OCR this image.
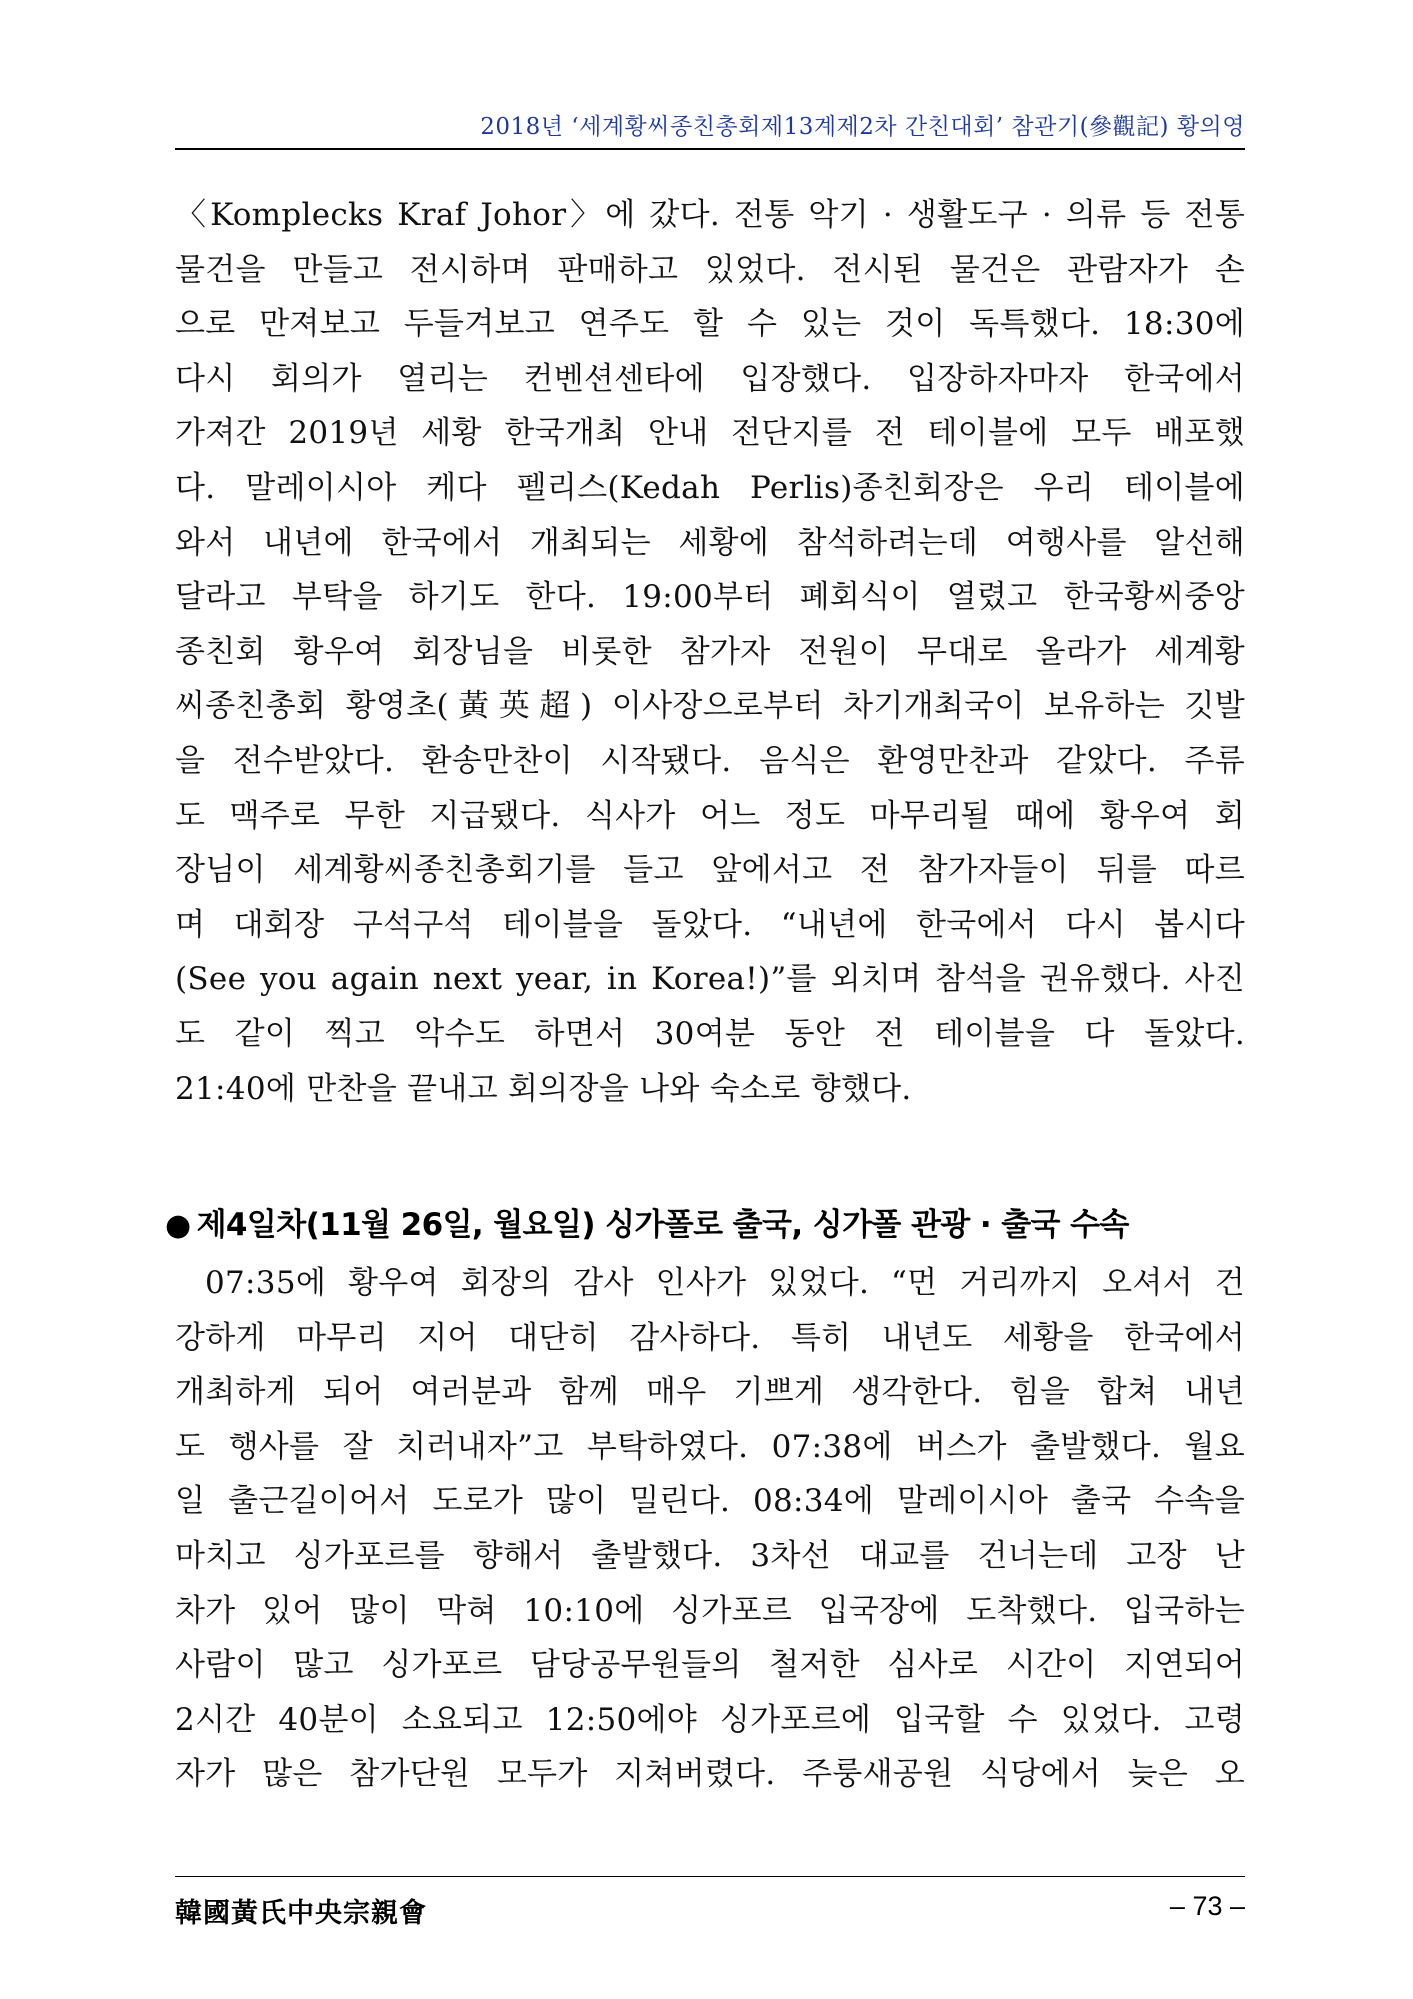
2018년 ‘세계황씨종친총회제13계제2차 간친대회’ 참관기(參觀記) 황의영
〈Komplecks Kraf Johor〉에 갔다. 전통 악기 · 생활도구 · 의류 등 전통
물건을 만들고 전시하며 판매하고 있었다. 전시된 물건은 관람자가 손
으로 만져보고 두들겨보고 연주도 할 수 있는 것이 독특했다. 18:30에
다시 회의가 열리는 컨벤션센타에 입장했다. 입장하자마자 한국에서
가져간 2019년 세황 한국개최 안내 전단지를 전 테이블에 모두 배포했
다. 말레이시아 케다 펠리스(Kedah Perlis)종친회장은 우리 테이블에
와서 내년에 한국에서 개최되는 세황에 참석하려는데 여행사를 알선해
달라고 부탁을 하기도 한다. 19:00부터 폐회식이 열렸고 한국황씨중앙
종친회 황우여 회장님을 비롯한 참가자 전원이 무대로 올라가 세계황
씨종친총회 황영초(黃英超) 이사장으로부터 차기개최국이 보유하는 깃발
을 전수받았다. 환송만찬이 시작됐다. 음식은 환영만찬과 같았다. 주류
도 맥주로 무한 지급됐다. 식사가 어느 정도 마무리될 때에 황우여 회
장님이 세계황씨종친총회기를 들고 앞에서고 전 참가자들이 뒤를 따르
며 대회장 구석구석 테이블을 돌았다. “내년에 한국에서 다시 봅시다
(See you again next year, in Korea!)”를 외치며 참석을 권유했다. 사진
도 같이 찍고 악수도 하면서 30여분 동안 전 테이블을 다 돌았다.
21:40에 만찬을 끝내고 회의장을 나와 숙소로 향했다.
● 제4일차(11월 26일, 월요일) 싱가폴로 출국, 싱가폴 관광 · 출국 수속
07:35에 황우여 회장의 감사 인사가 있었다. “먼 거리까지 오셔서 건
강하게 마무리 지어 대단히 감사하다. 특히 내년도 세황을 한국에서
개최하게 되어 여러분과 함께 매우 기쁘게 생각한다. 힘을 합쳐 내년
도 행사를 잘 치러내자”고 부탁하였다. 07:38에 버스가 출발했다. 월요
일 출근길이어서 도로가 많이 밀린다. 08:34에 말레이시아 출국 수속을
마치고 싱가포르를 향해서 출발했다. 3차선 대교를 건너는데 고장 난
차가 있어 많이 막혀 10:10에 싱가포르 입국장에 도착했다. 입국하는
사람이 많고 싱가포르 담당공무원들의 철저한 심사로 시간이 지연되어
2시간 40분이 소요되고 12:50에야 싱가포르에 입국할 수 있었다. 고령
자가 많은 참가단원 모두가 지쳐버렸다. 주룽새공원 식당에서 늦은 오
韓國黃氏中央宗親會	– 73 –
